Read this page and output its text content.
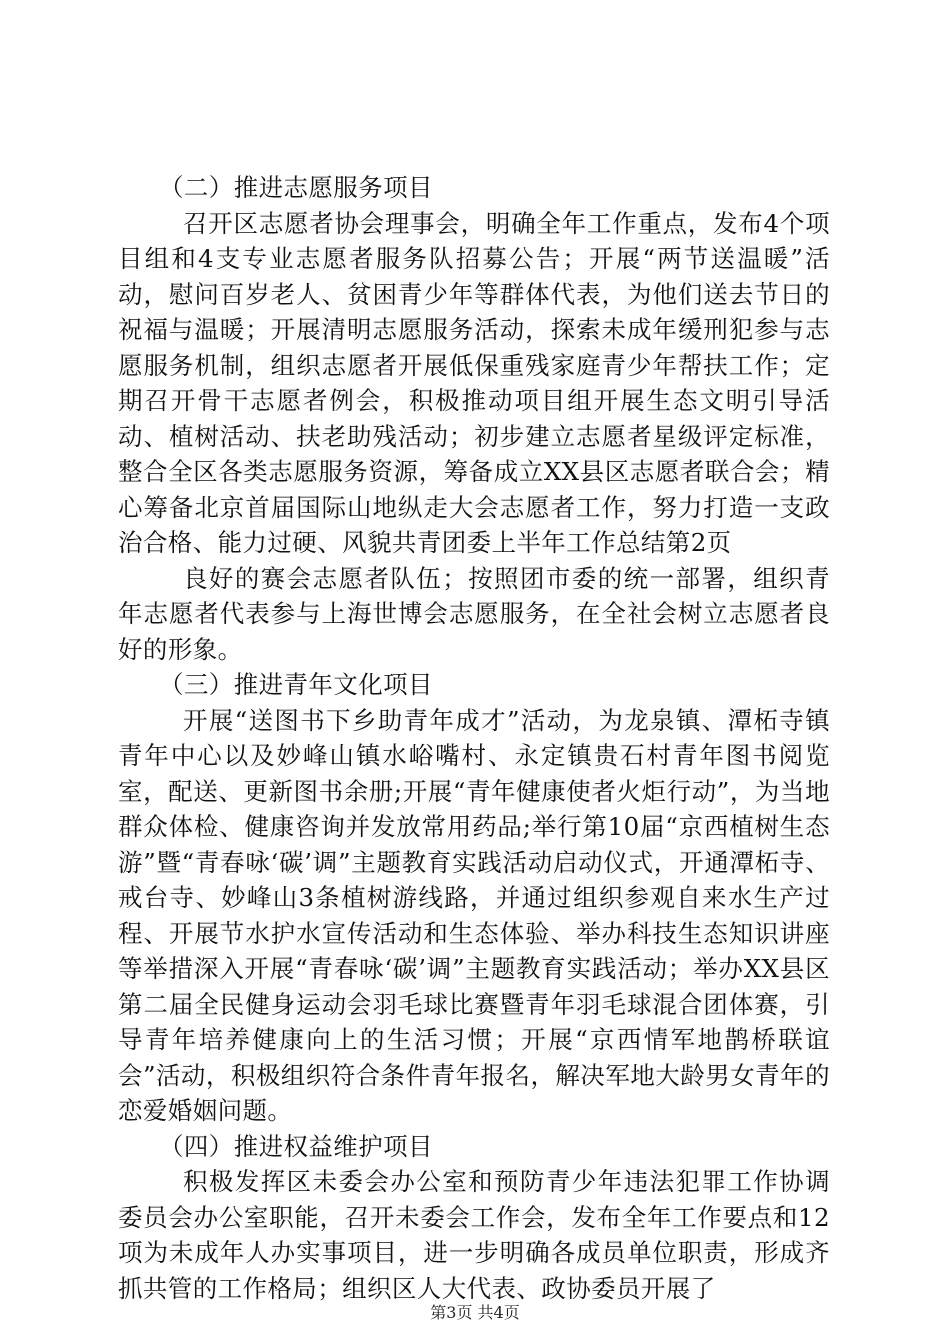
（二）推进志愿服务项目

召开区志愿者协会理事会，明确全年工作重点，发布4个项目组和4支专业志愿者服务队招募公告；开展“两节送温暖”活动，慰问百岁老人、贫困青少年等群体代表，为他们送去节日的祝福与温暖；开展清明志愿服务活动，探索未成年缓刑犯参与志愿服务机制，组织志愿者开展低保重残家庭青少年帮扶工作；定期召开骨干志愿者例会，积极推动项目组开展生态文明引导活动、植树活动、扶老助残活动；初步建立志愿者星级评定标准，整合全区各类志愿服务资源，筹备成立XX县区志愿者联合会；精心筹备北京首届国际山地纵走大会志愿者工作，努力打造一支政治合格、能力过硬、风貌共青团委上半年工作总结第2页

良好的赛会志愿者队伍；按照团市委的统一部署，组织青年志愿者代表参与上海世博会志愿服务，在全社会树立志愿者良好的形象。

（三）推进青年文化项目

开展“送图书下乡助青年成才”活动，为龙泉镇、潭柘寺镇青年中心以及妙峰山镇水峪嘴村、永定镇贵石村青年图书阅览室，配送、更新图书余册;开展“青年健康使者火炬行动”，为当地群众体检、健康咨询并发放常用药品;举行第10届“京西植树生态游”暨“青春咏‘碳’调”主题教育实践活动启动仪式，开通潭柘寺、戒台寺、妙峰山3条植树游线路，并通过组织参观自来水生产过程、开展节水护水宣传活动和生态体验、举办科技生态知识讲座等举措深入开展“青春咏‘碳’调”主题教育实践活动；举办XX县区第二届全民健身运动会羽毛球比赛暨青年羽毛球混合团体赛，引导青年培养健康向上的生活习惯；开展“京西情军地鹊桥联谊会”活动，积极组织符合条件青年报名，解决军地大龄男女青年的恋爱婚姻问题。

（四）推进权益维护项目

积极发挥区未委会办公室和预防青少年违法犯罪工作协调委员会办公室职能，召开未委会工作会，发布全年工作要点和12项为未成年人办实事项目，进一步明确各成员单位职责，形成齐抓共管的工作格局；组织区人大代表、政协委员开展了

第3页 共4页
